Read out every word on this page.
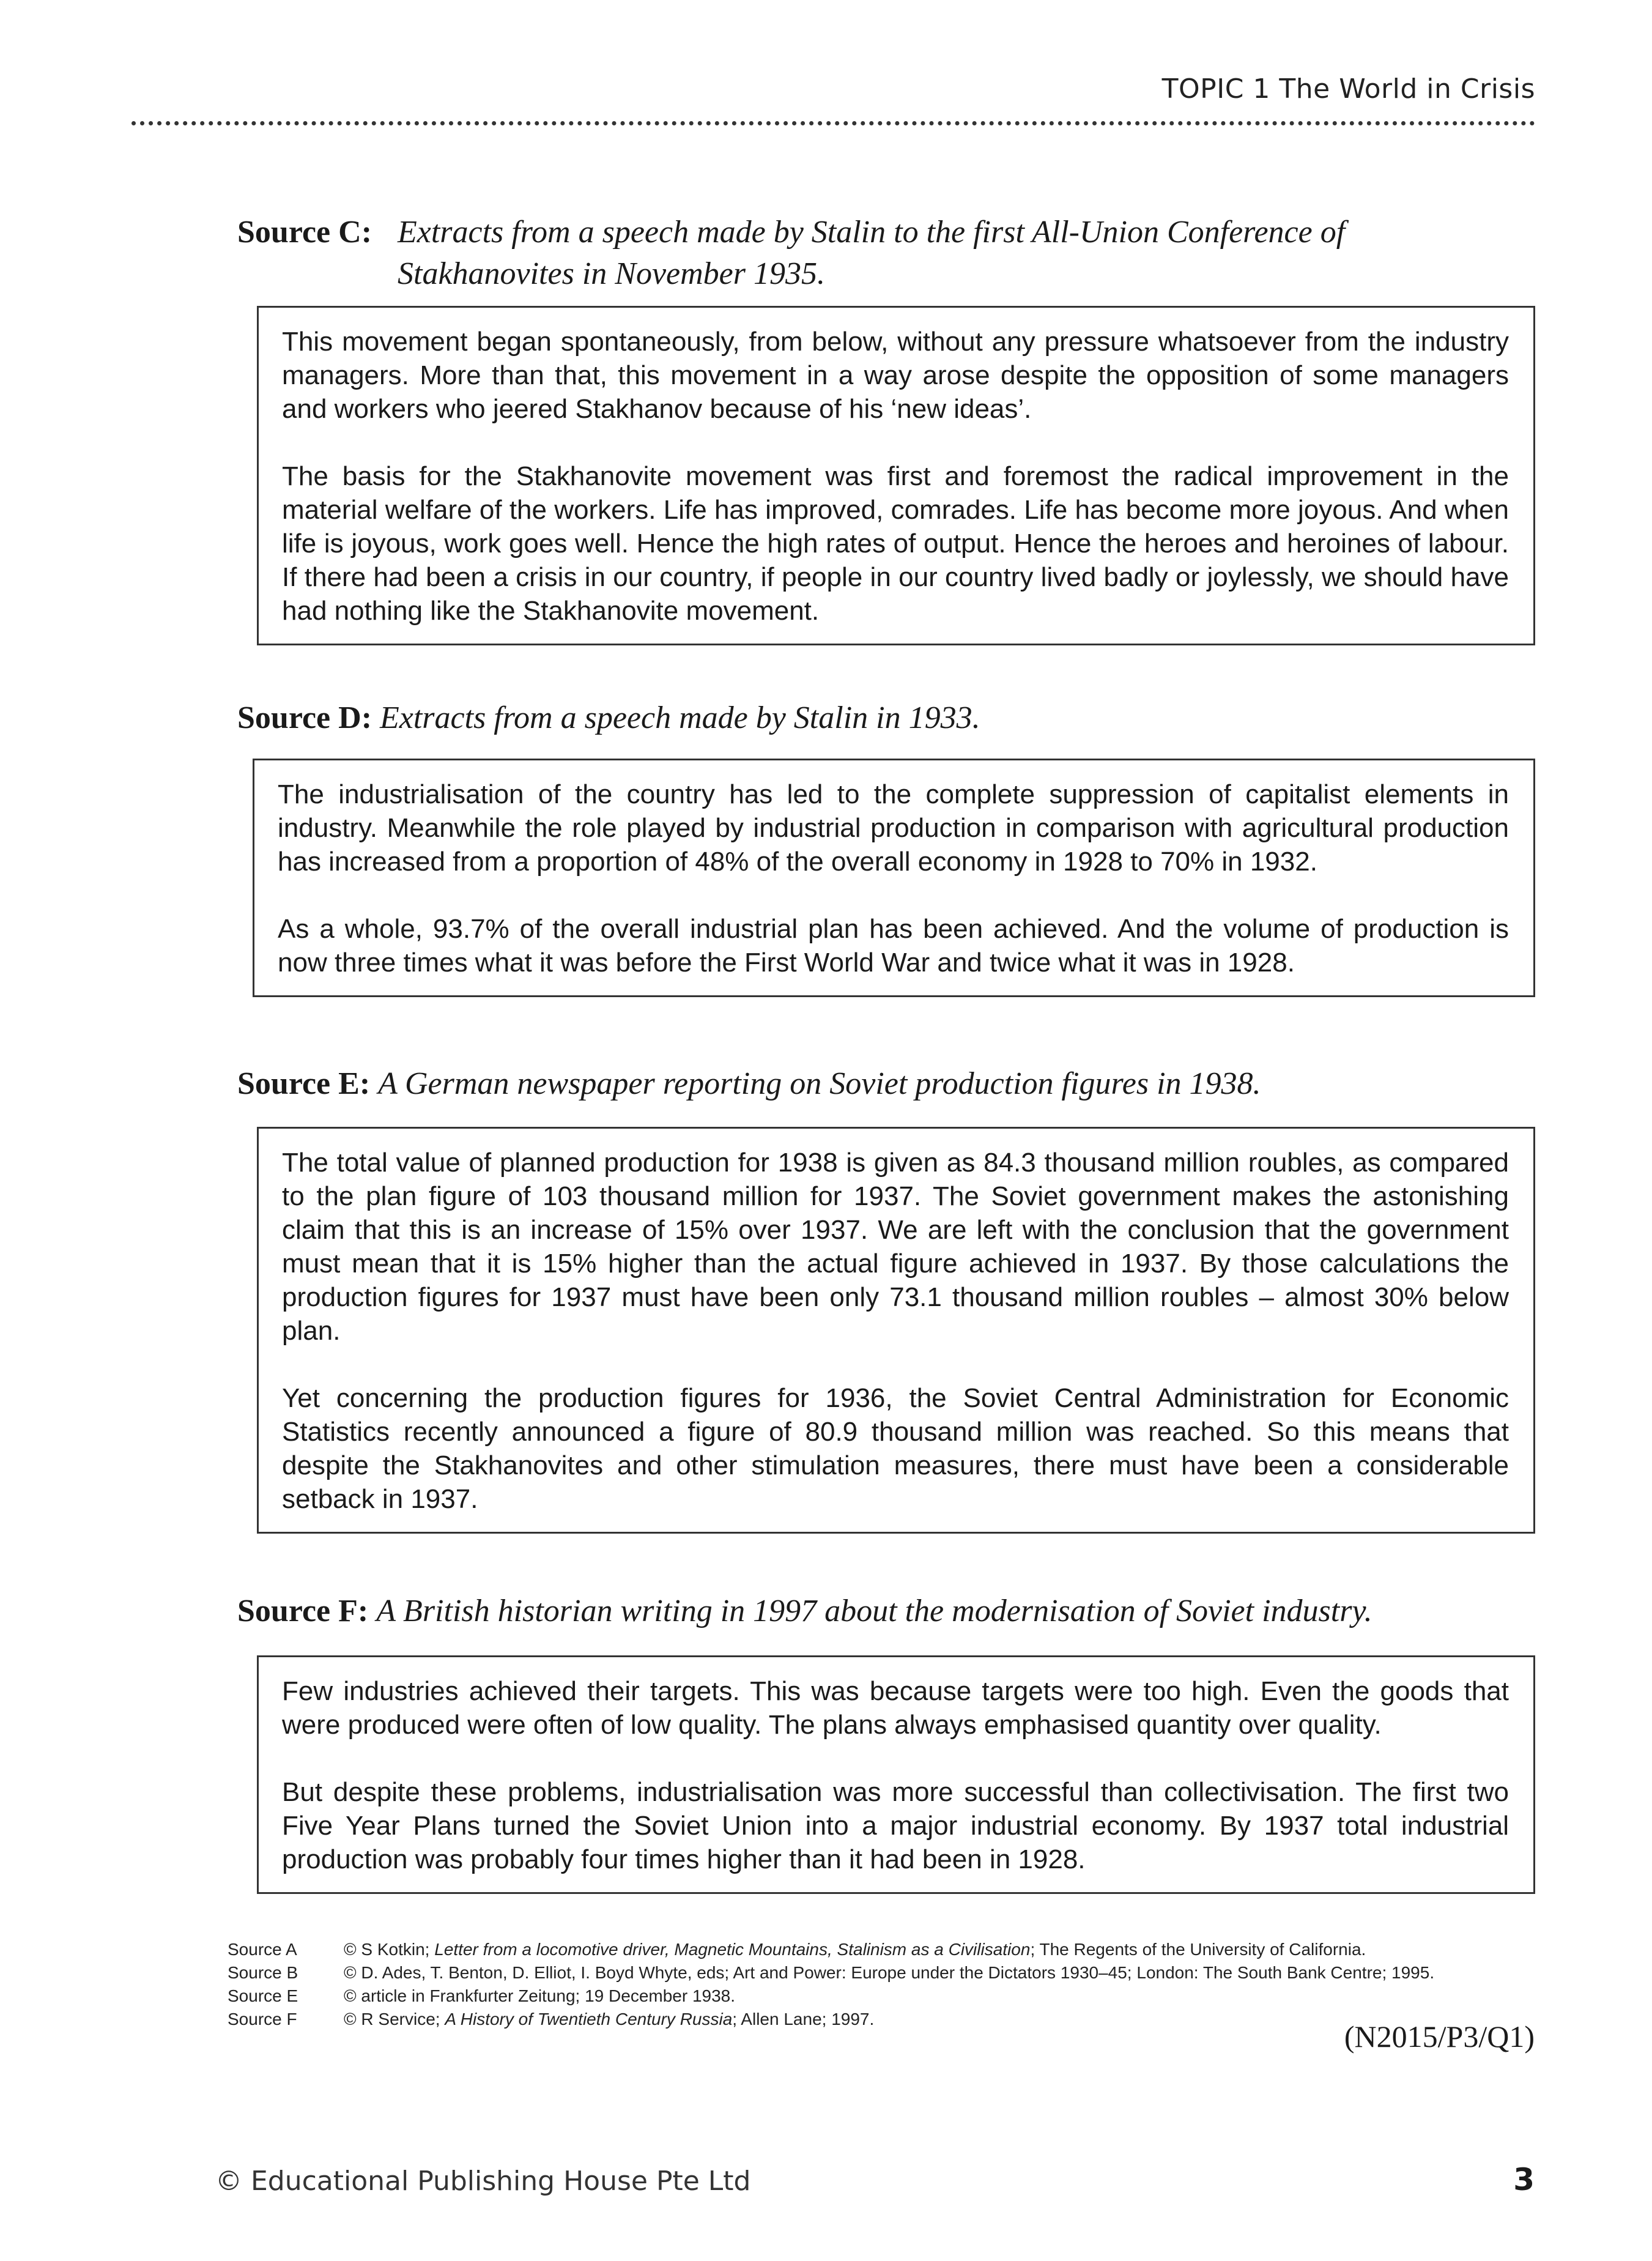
TOPIC 1 The World in Crisis
Source C: Extracts from a speech made by Stalin to the first All-Union Conference of Stakhanovites in November 1935.

This movement began spontaneously, from below, without any pressure whatsoever from the industry managers. More than that, this movement in a way arose despite the opposition of some managers and workers who jeered Stakhanov because of his ‘new ideas’.

The basis for the Stakhanovite movement was first and foremost the radical improvement in the material welfare of the workers. Life has improved, comrades. Life has become more joyous. And when life is joyous, work goes well. Hence the high rates of output. Hence the heroes and heroines of labour. If there had been a crisis in our country, if people in our country lived badly or joylessly, we should have had nothing like the Stakhanovite movement.

Source D: Extracts from a speech made by Stalin in 1933.

The industrialisation of the country has led to the complete suppression of capitalist elements in industry. Meanwhile the role played by industrial production in comparison with agricultural production has increased from a proportion of 48% of the overall economy in 1928 to 70% in 1932.

As a whole, 93.7% of the overall industrial plan has been achieved. And the volume of production is now three times what it was before the First World War and twice what it was in 1928.

Source E: A German newspaper reporting on Soviet production figures in 1938.

The total value of planned production for 1938 is given as 84.3 thousand million roubles, as compared to the plan figure of 103 thousand million for 1937. The Soviet government makes the astonishing claim that this is an increase of 15% over 1937. We are left with the conclusion that the government must mean that it is 15% higher than the actual figure achieved in 1937. By those calculations the production figures for 1937 must have been only 73.1 thousand million roubles – almost 30% below plan.

Yet concerning the production figures for 1936, the Soviet Central Administration for Economic Statistics recently announced a figure of 80.9 thousand million was reached. So this means that despite the Stakhanovites and other stimulation measures, there must have been a considerable setback in 1937.

Source F: A British historian writing in 1997 about the modernisation of Soviet industry.

Few industries achieved their targets. This was because targets were too high. Even the goods that were produced were often of low quality. The plans always emphasised quantity over quality.

But despite these problems, industrialisation was more successful than collectivisation. The first two Five Year Plans turned the Soviet Union into a major industrial economy. By 1937 total industrial production was probably four times higher than it had been in 1928.

Source A	© S Kotkin; Letter from a locomotive driver, Magnetic Mountains, Stalinism as a Civilisation; The Regents of the University of California.
Source B	© D. Ades, T. Benton, D. Elliot, I. Boyd Whyte, eds; Art and Power: Europe under the Dictators 1930–45; London: The South Bank Centre; 1995.
Source E	© article in Frankfurter Zeitung; 19 December 1938.
Source F	© R Service; A History of Twentieth Century Russia; Allen Lane; 1997.
(N2015/P3/Q1)
© Educational Publishing House Pte Ltd	3
